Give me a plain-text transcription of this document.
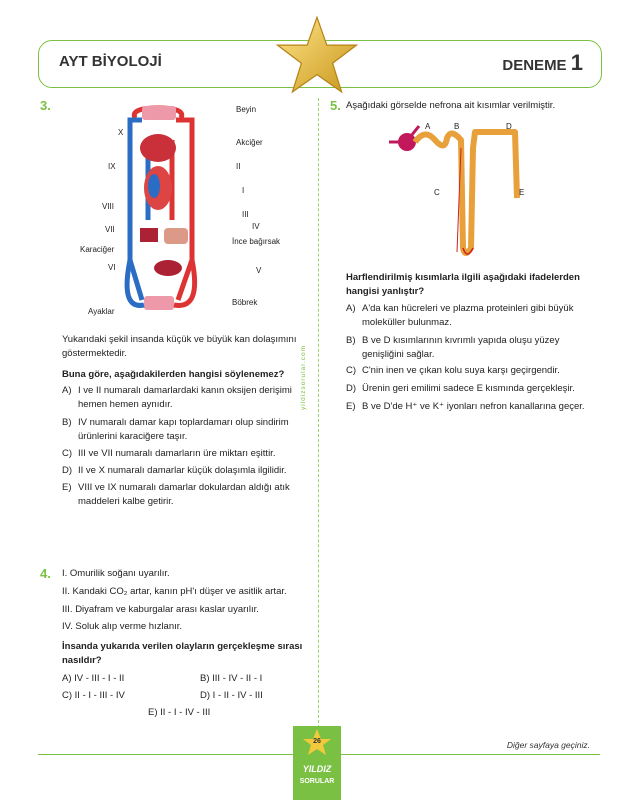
AYT BİYOLOJİ	DENEME 1
yildizsorular.com
3.	Beyin
X
Akciğer
IX	II
I
VIII
III
IV
VII
İnce bağırsak
Karaciğer
VI	V
Böbrek
Ayaklar
Yukarıdaki şekil insanda küçük ve büyük kan dolaşımını
göstermektedir.
Buna göre, aşağıdakilerden hangisi söylenemez?
A) I ve II numaralı damarlardaki kanın oksijen derişimi
hemen hemen aynıdır.
B) IV numaralı damar kapı toplardamarı olup sindirim
ürünlerini karaciğere taşır.
C) III ve VII numaralı damarların üre miktarı eşittir.
D) II ve X numaralı damarlar küçük dolaşımla ilgilidir.
E) VIII ve IX numaralı damarlar dokulardan aldığı atık
maddeleri kalbe getirir.
4. I. Omurilik soğanı uyarılır.
II. Kandaki CO₂ artar, kanın pH'ı düşer ve asitlik artar.
III. Diyafram ve kaburgalar arası kaslar uyarılır.
IV. Soluk alıp verme hızlanır.
İnsanda yukarıda verilen olayların gerçekleşme sırası
nasıldır?
A) IV - III - I - II	B) III - IV - II - I
C) II - I - III - IV	D) I - II - IV - III
E) II - I - IV - III
5. Aşağıdaki görselde nefrona ait kısımlar verilmiştir.
A	B	D
C	E
Harflendirilmiş kısımlarla ilgili aşağıdaki ifadelerden
hangisi yanlıştır?
A) A'da kan hücreleri ve plazma proteinleri gibi büyük
moleküller bulunmaz.
B) B ve D kısımlarının kıvrımlı yapıda oluşu yüzey
genişliğini sağlar.
C) C'nin inen ve çıkan kolu suya karşı geçirgendir.
D) Ürenin geri emilimi sadece E kısmında gerçekleşir.
E) B ve D'de H⁺ ve K⁺ iyonları nefron kanallarına geçer.
Diğer sayfaya geçiniz.
26
YILDIZ
SORULAR
